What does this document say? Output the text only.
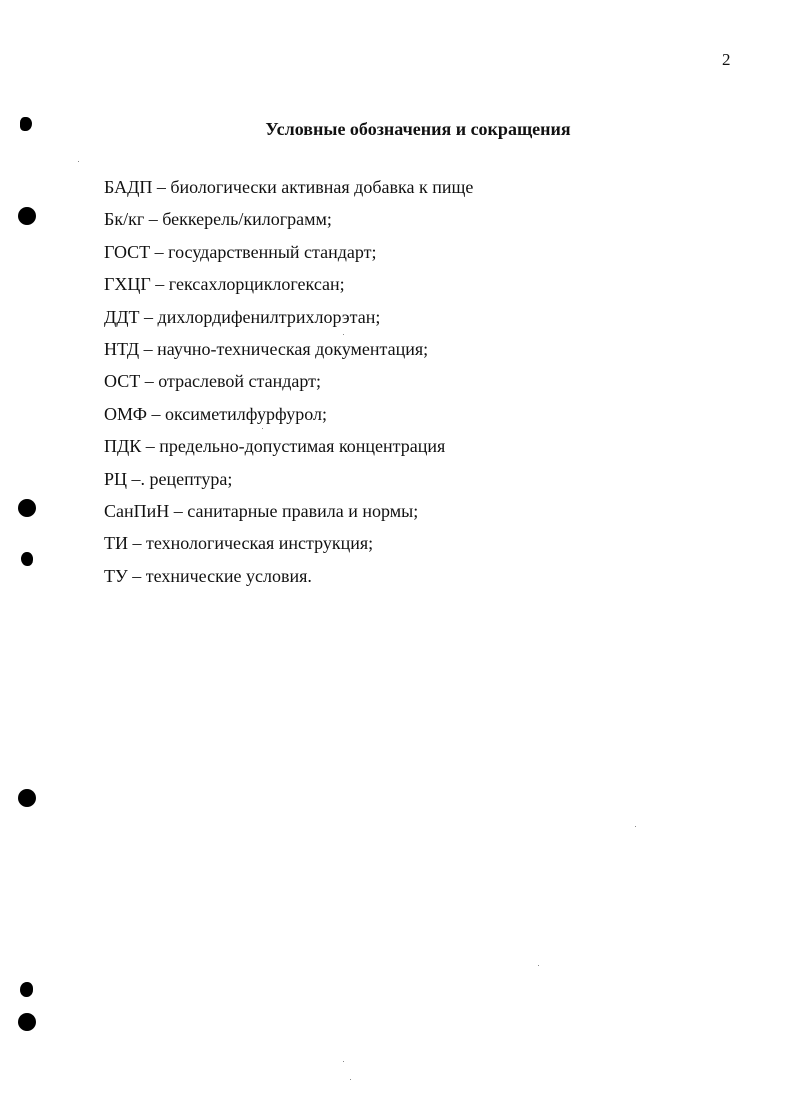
2
Условные обозначения и сокращения
БАДП – биологически активная добавка к пище
Бк/кг – беккерель/килограмм;
ГОСТ – государственный стандарт;
ГХЦГ – гексахлорциклогексан;
ДДТ – дихлордифенилтрихлорэтан;
НТД – научно-техническая документация;
ОСТ – отраслевой стандарт;
ОМФ – оксиметилфурфурол;
ПДК – предельно-допустимая концентрация
РЦ –. рецептура;
СанПиН – санитарные правила и нормы;
ТИ – технологическая инструкция;
ТУ – технические условия.
